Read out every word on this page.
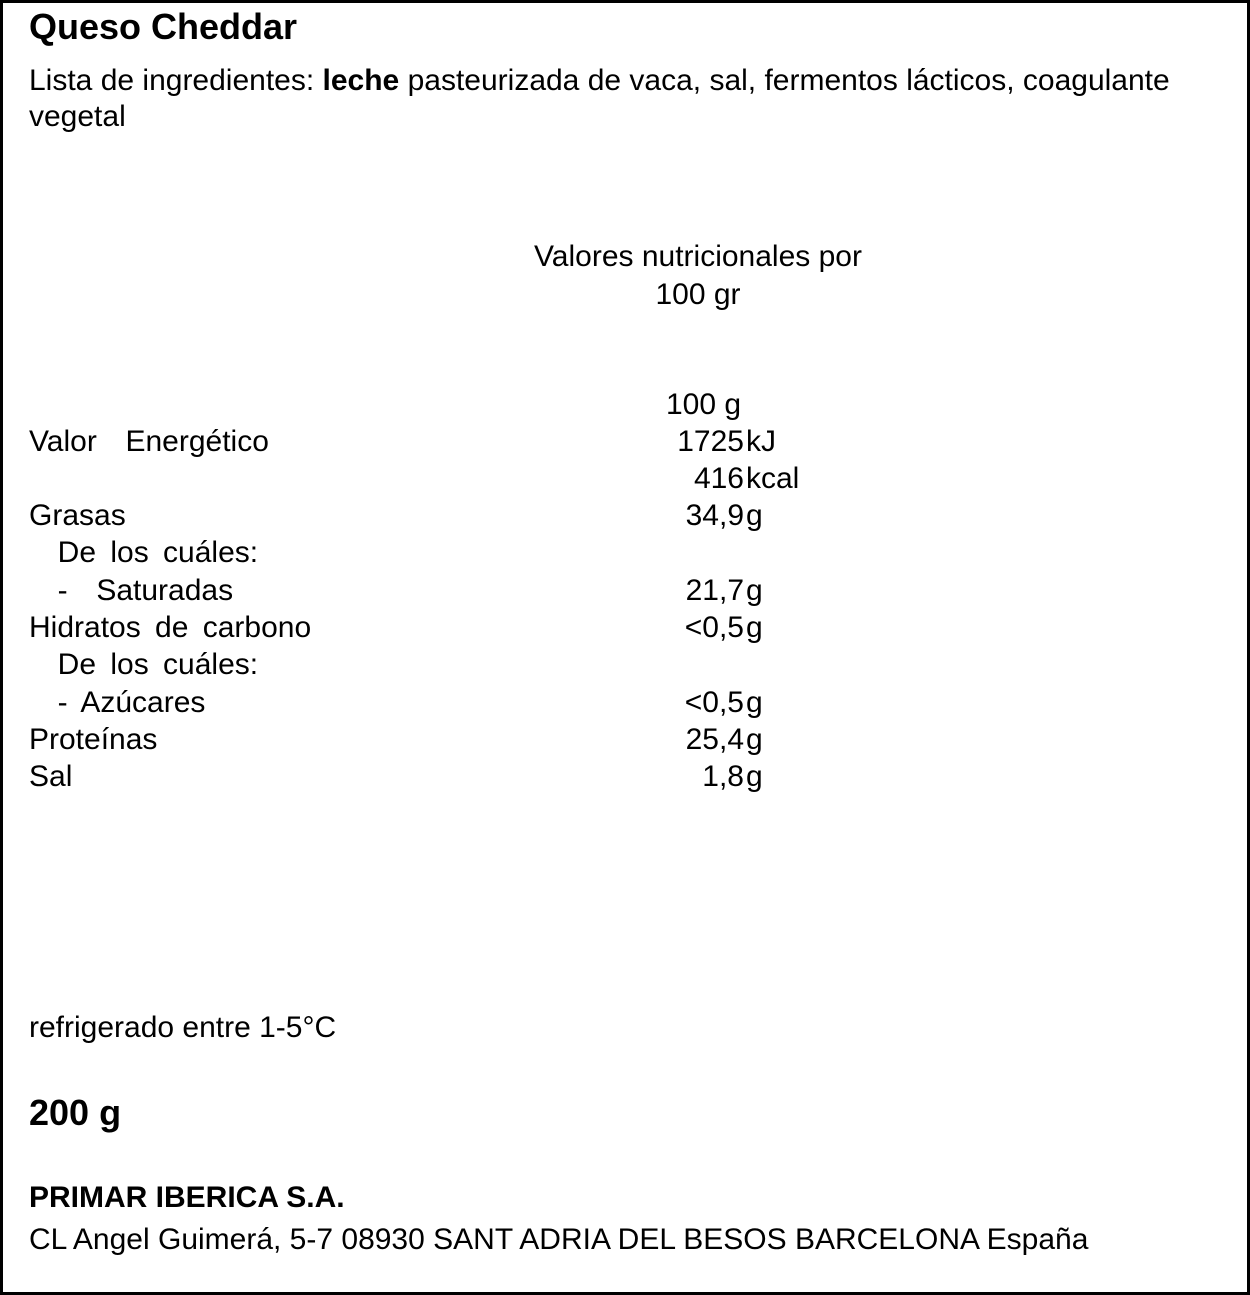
Queso Cheddar
Lista de ingredientes: leche pasteurizada de vaca, sal, fermentos lácticos, coagulante vegetal
Valores nutricionales por
100 gr
100 g
Valor  Energético	1725 kJ
416 kcal
Grasas	34,9 g
De los cuáles:
-  Saturadas	21,7 g
Hidratos de carbono	<0,5 g
De los cuáles:
- Azúcares	<0,5 g
Proteínas	25,4 g
Sal	1,8 g
refrigerado entre 1-5°C
200 g
PRIMAR IBERICA S.A.
CL Angel Guimerá, 5-7 08930 SANT ADRIA DEL BESOS BARCELONA España
